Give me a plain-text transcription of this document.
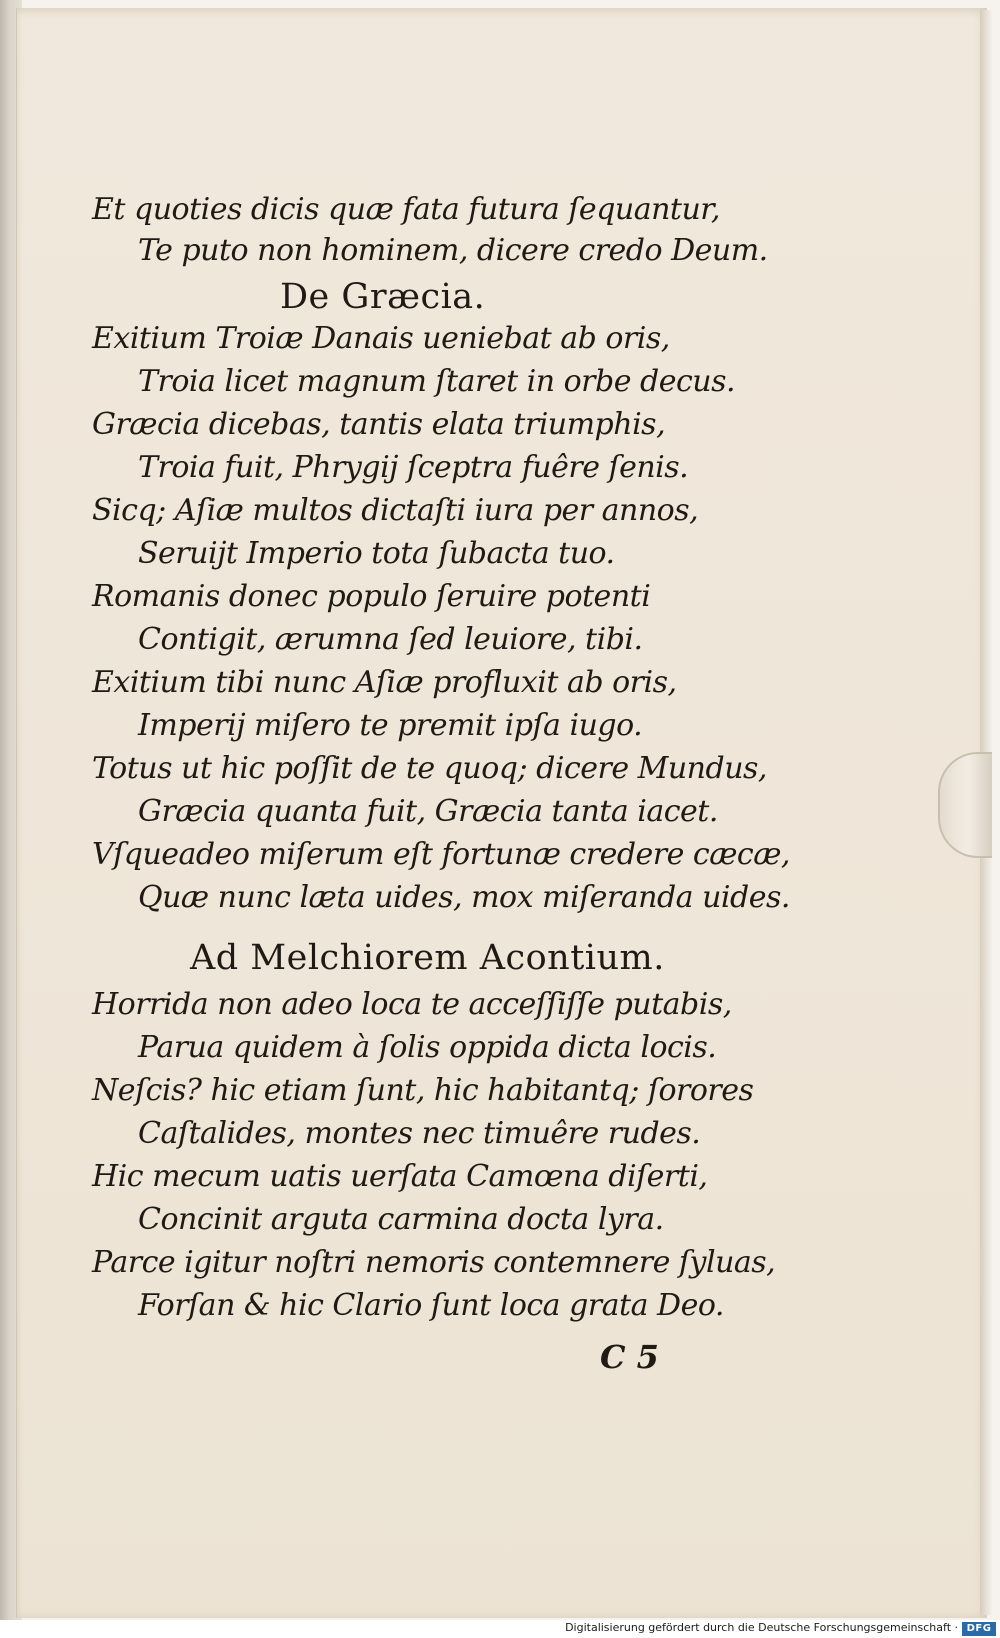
Et quoties dicis quæ fata futura ſequantur,
Te puto non hominem, dicere credo Deum.
De Græcia.
Exitium Troiæ Danais ueniebat ab oris,
Troia licet magnum ſtaret in orbe decus.
Græcia dicebas, tantis elata triumphis,
Troia fuit, Phrygij ſceptra fuêre ſenis.
Sicq; Aſiæ multos dictaſti iura per annos,
Seruijt Imperio tota ſubacta tuo.
Romanis donec populo ſeruire potenti
Contigit, ærumna ſed leuiore, tibi.
Exitium tibi nunc Aſiæ profluxit ab oris,
Imperij miſero te premit ipſa iugo.
Totus ut hic poſſit de te quoq; dicere Mundus,
Græcia quanta fuit, Græcia tanta iacet.
Vſqueadeo miſerum eſt fortunæ credere cæcæ,
Quæ nunc læta uides, mox miſeranda uides.
Ad Melchiorem Acontium.
Horrida non adeo loca te acceſſiſſe putabis,
Parua quidem à ſolis oppida dicta locis.
Neſcis? hic etiam ſunt, hic habitantq; ſorores
Caſtalides, montes nec timuêre rudes.
Hic mecum uatis uerſata Camœna diſerti,
Concinit arguta carmina docta lyra.
Parce igitur noſtri nemoris contemnere ſyluas,
Forſan & hic Clario ſunt loca grata Deo.
C 5
Digitalisierung gefördert durch die Deutsche Forschungsgemeinschaft · DFG
